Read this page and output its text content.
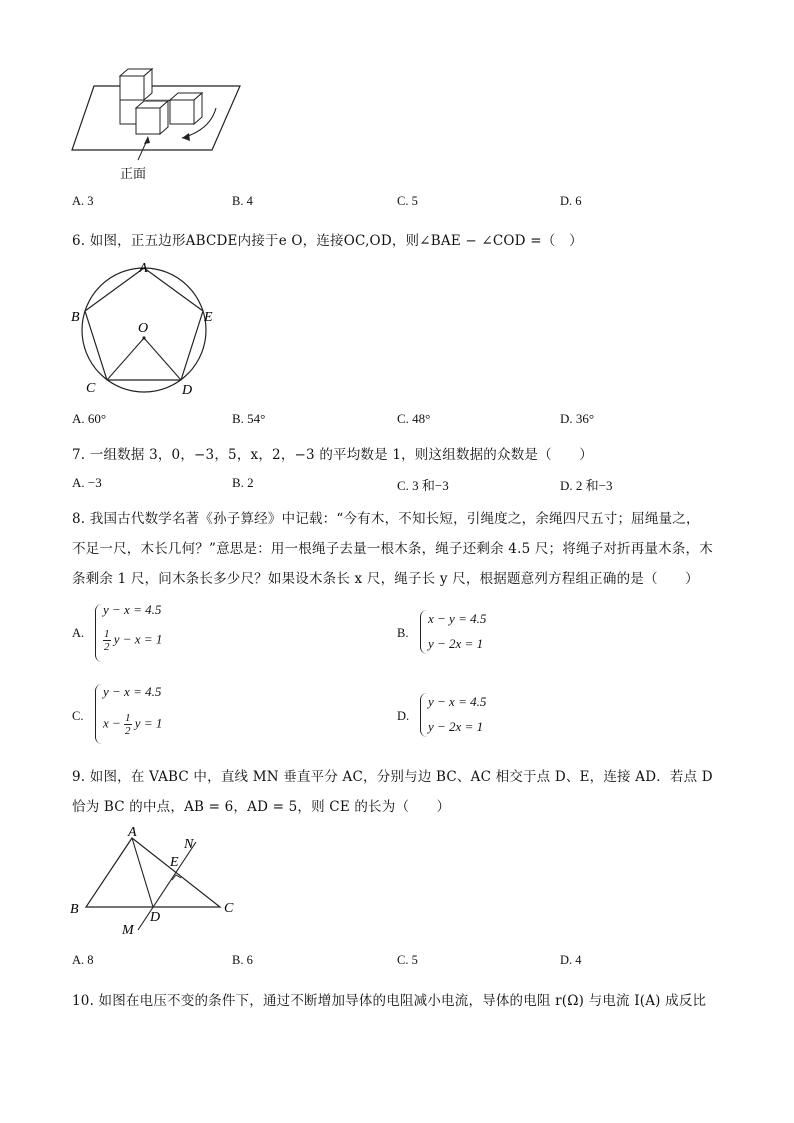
正面
A. 3	B. 4	C. 5	D. 6
6. 如图，正五边形ABCDE内接于e O，连接OC,OD，则∠BAE − ∠COD =（　）
A
B
C	D
E
O
A. 60°	B. 54°	C. 48°	D. 36°
7. 一组数据 3，0，−3，5，x，2，−3 的平均数是 1，则这组数据的众数是（　　）
A. −3	B. 2	C. 3 和−3	D. 2 和−3
8. 我国古代数学名著《孙子算经》中记载：“今有木，不知长短，引绳度之，余绳四尺五寸；屈绳量之，
不足一尺，木长几何？”意思是：用一根绳子去量一根木条，绳子还剩余 4.5 尺；将绳子对折再量木条，木
条剩余 1 尺，问木条长多少尺？如果设木条长 x 尺，绳子长 y 尺，根据题意列方程组正确的是（　　）
A.
y − x = 4.5
$\frac{1}{2}$ y − x = 1	B.
x − y = 4.5
y − 2x = 1
C.
y − x = 4.5
$x - \frac{1}{2}$ y = 1	D.
y − x = 4.5
y − 2x = 1
9. 如图，在 VABC 中，直线 MN 垂直平分 AC，分别与边 BC、AC 相交于点 D、E，连接 AD．若点 D
恰为 BC 的中点，AB = 6，AD = 5，则 CE 的长为（　　）
A
B	C
D
E
M
N
A. 8	B. 6	C. 5	D. 4
10. 如图在电压不变的条件下，通过不断增加导体的电阻减小电流，导体的电阻 r(Ω) 与电流 I(A) 成反比
